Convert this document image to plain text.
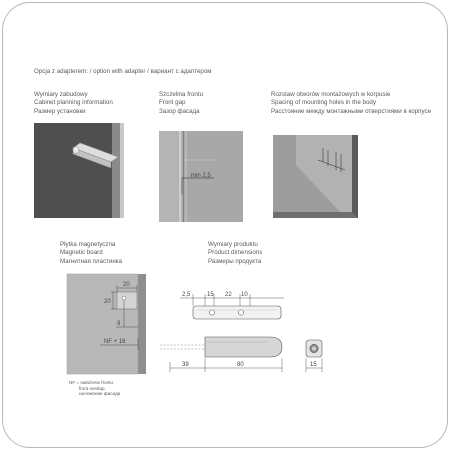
Opcja z adapterem: / option with adapter / вариант с адаптером
Wymiary zabudowy
Cabinet planning information
Размер установки
Szczelina frontu
Front gap
Зазор фасада
min 2,5
Rozstaw otworów montażowych w korpusie
Spacing of mounting holes in the body
Расстояние между монтажными отверстиями в корпусе
Płytka magnetyczna
Magnetic board
Магнитная пластинка
20
20
9
NF + 16
NF = nałożenie frontu
front overlap
наложение фасада
Wymiary produktu
Product dimensions
Размеры продукта
2,5	15 22 10
39	80	15
